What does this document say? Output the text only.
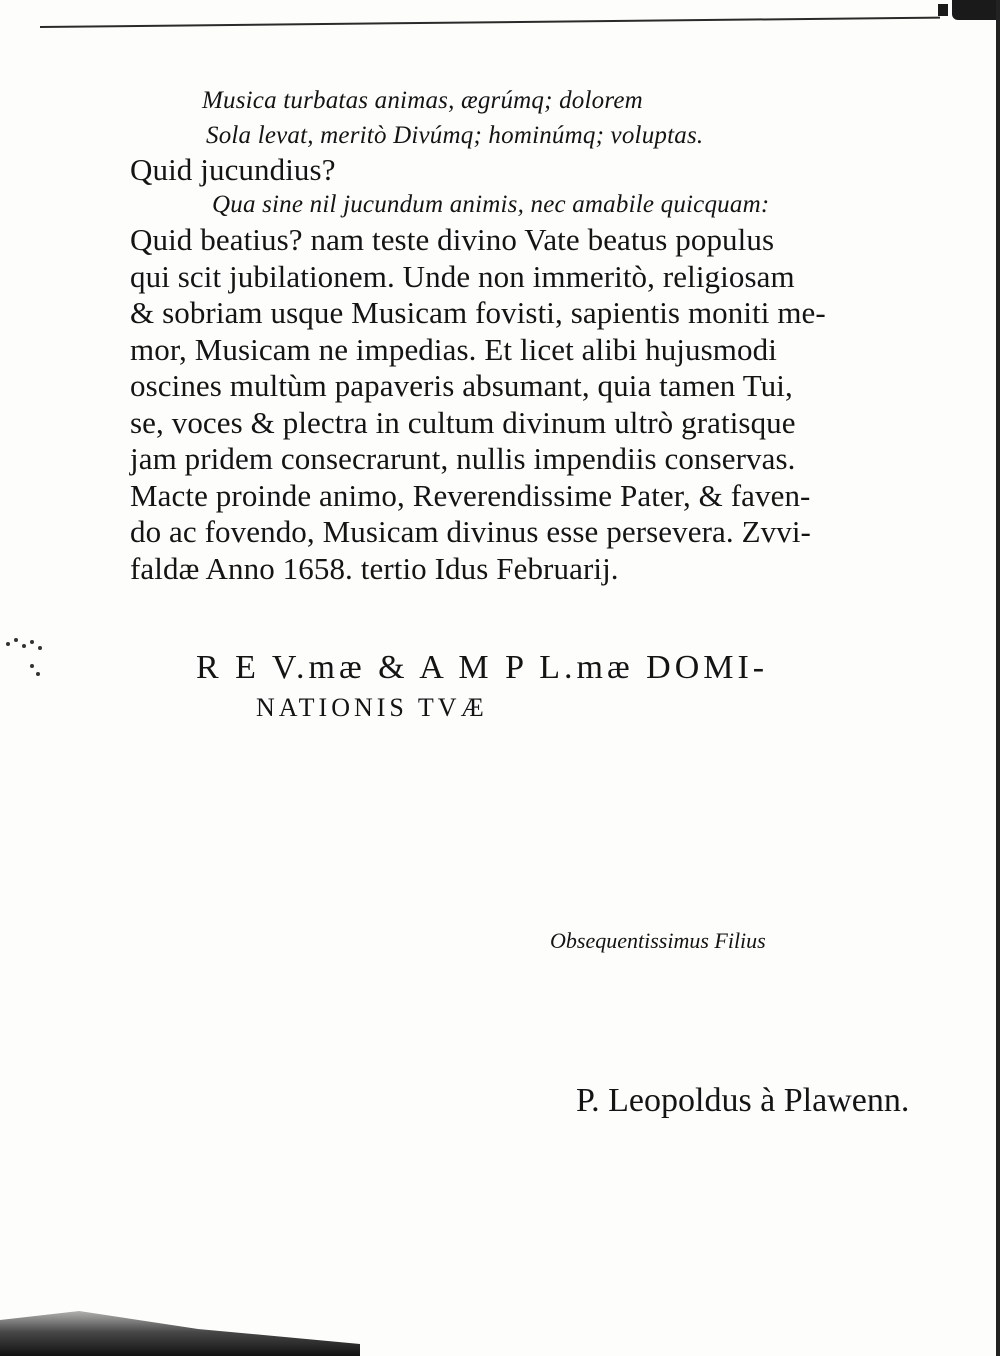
Musica turbatas animas, ægrúmq; dolorem
Sola levat, meritò Divúmq; hominúmq; voluptas.
Quid jucundius?
Qua sine nil jucundum animis, nec amabile quicquam:
Quid beatius? nam teste divino Vate beatus populus
qui scit jubilationem. Unde non immeritò, religiosam
& sobriam usque Musicam fovisti, sapientis moniti me-
mor, Musicam ne impedias. Et licet alibi hujusmodi
oscines multùm papaveris absumant, quia tamen Tui,
se, voces & plectra in cultum divinum ultrò gratisque
jam pridem consecrarunt, nullis impendiis conservas.
Macte proinde animo, Reverendissime Pater, & faven-
do ac fovendo, Musicam divinus esse persevera. Zvvi-
faldæ Anno 1658. tertio Idus Februarij.
R E V.mæ & A M P L.mæ DOMI-
NATIONIS TVÆ
Obsequentissimus Filius
P. Leopoldus à Plawenn.
